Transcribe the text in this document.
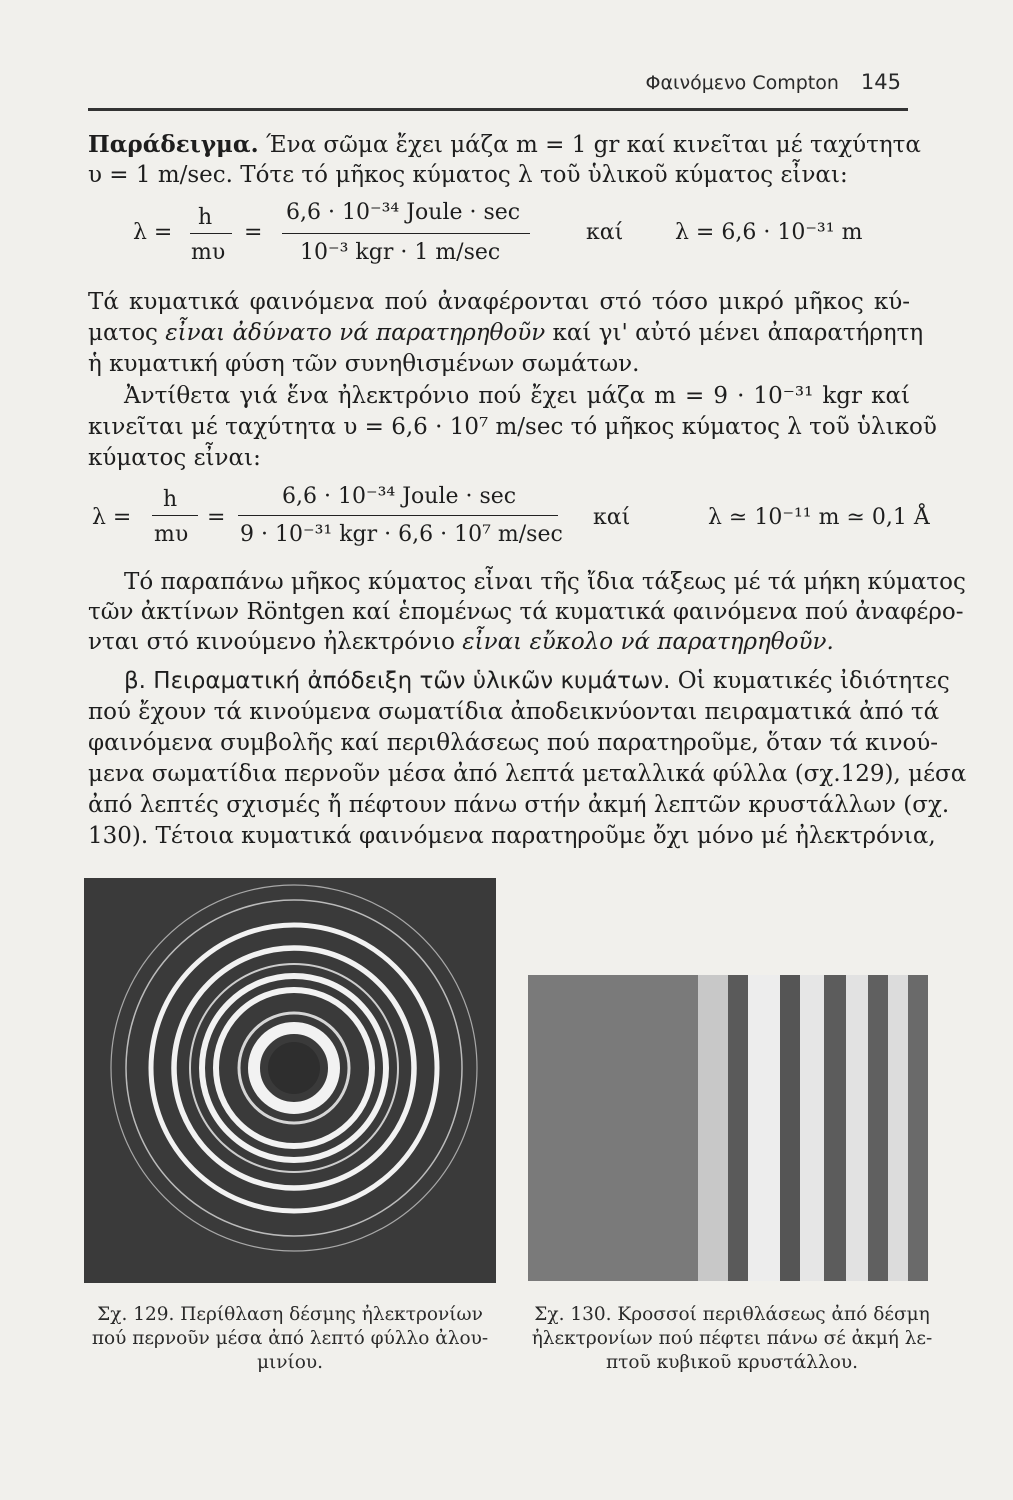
Φαινόμενο Compton 145
Παράδειγμα. Ένα σῶμα ἔχει μάζα m = 1 gr καί κινεῖται μέ ταχύτητα
υ = 1 m/sec. Τότε τό μῆκος κύματος λ τοῦ ὑλικοῦ κύματος εἶναι:
λ =
h
mυ
=
6,6 · 10⁻³⁴ Joule · sec
10⁻³ kgr · 1 m/sec
καί λ = 6,6 · 10⁻³¹ m
Τά κυματικά φαινόμενα πού ἀναφέρονται στό τόσο μικρό μῆκος κύ-
ματος εἶναι ἀδύνατο νά παρατηρηθοῦν καί γι' αὐτό μένει ἀπαρατήρητη
ἡ κυματική φύση τῶν συνηθισμένων σωμάτων.
Ἀντίθετα γιά ἕνα ἠλεκτρόνιο πού ἔχει μάζα m = 9 · 10⁻³¹ kgr καί
κινεῖται μέ ταχύτητα υ = 6,6 · 10⁷ m/sec τό μῆκος κύματος λ τοῦ ὑλικοῦ
κύματος εἶναι:
λ =
h
mυ
=
6,6 · 10⁻³⁴ Joule · sec
9 · 10⁻³¹ kgr · 6,6 · 10⁷ m/sec
καί	λ ≃ 10⁻¹¹ m ≃ 0,1 Å
Τό παραπάνω μῆκος κύματος εἶναι τῆς ἴδια τάξεως μέ τά μήκη κύματος
τῶν ἀκτίνων Röntgen καί ἑπομένως τά κυματικά φαινόμενα πού ἀναφέρο-
νται στό κινούμενο ἠλεκτρόνιο εἶναι εὔκολο νά παρατηρηθοῦν.
β. Πειραματική ἀπόδειξη τῶν ὑλικῶν κυμάτων. Οἱ κυματικές ἰδιότητες
πού ἔχουν τά κινούμενα σωματίδια ἀποδεικνύονται πειραματικά ἀπό τά
φαινόμενα συμβολῆς καί περιθλάσεως πού παρατηροῦμε, ὅταν τά κινού-
μενα σωματίδια περνοῦν μέσα ἀπό λεπτά μεταλλικά φύλλα (σχ.129), μέσα
ἀπό λεπτές σχισμές ἤ πέφτουν πάνω στήν ἀκμή λεπτῶν κρυστάλλων (σχ.
130). Τέτοια κυματικά φαινόμενα παρατηροῦμε ὄχι μόνο μέ ἠλεκτρόνια,
Σχ. 129. Περίθλαση δέσμης ἠλεκτρονίων
πού περνοῦν μέσα ἀπό λεπτό φύλλο ἀλου-
μινίου.
Σχ. 130. Κροσσοί περιθλάσεως ἀπό δέσμη
ἠλεκτρονίων πού πέφτει πάνω σέ ἀκμή λε-
πτοῦ κυβικοῦ κρυστάλλου.
